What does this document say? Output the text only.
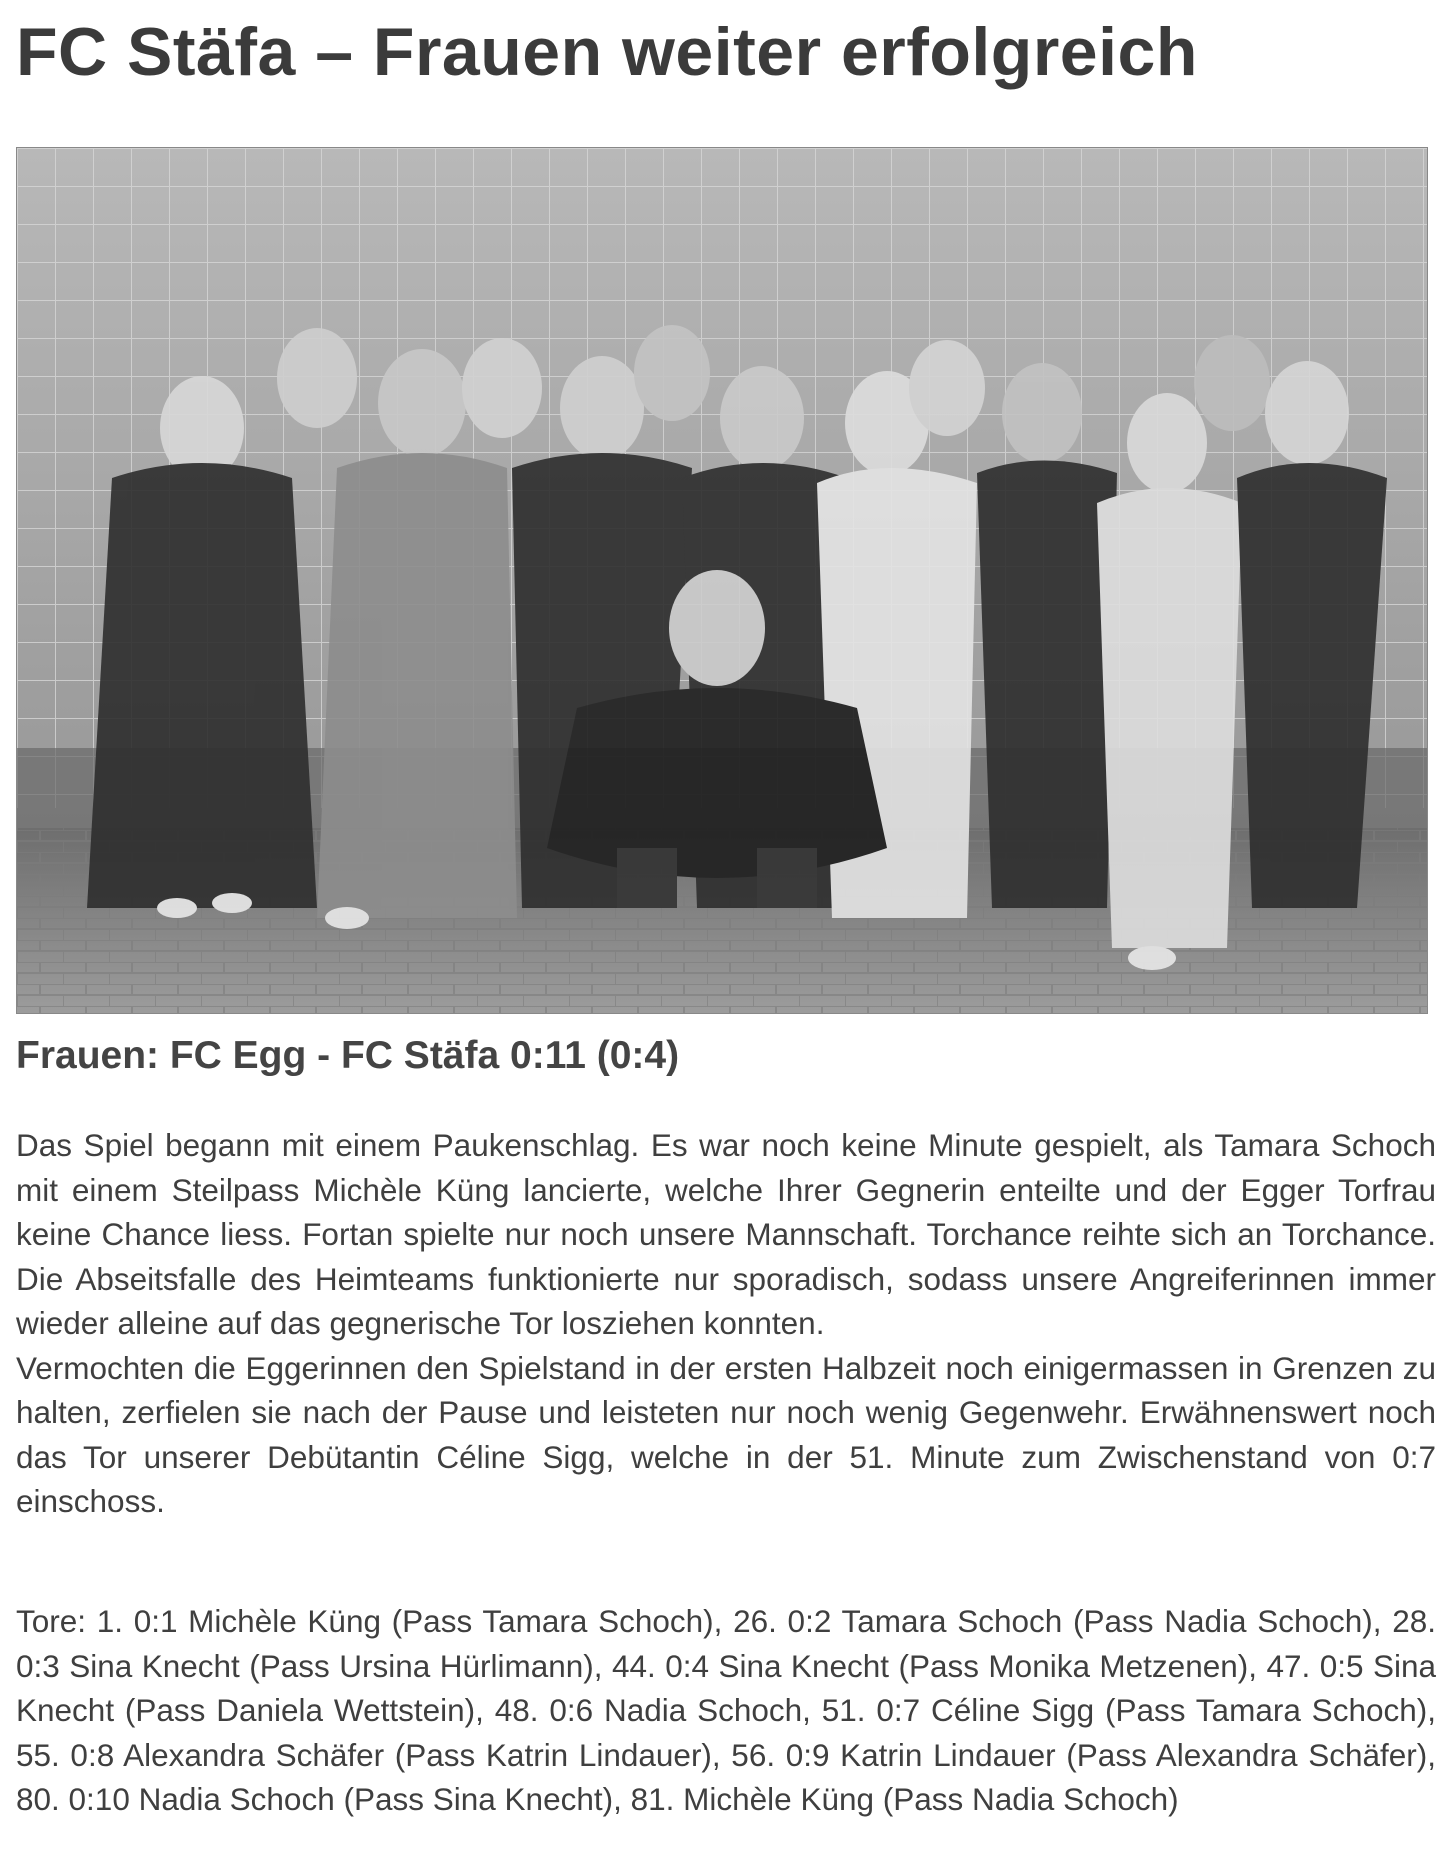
FC Stäfa – Frauen weiter erfolgreich
Frauen: FC Egg - FC Stäfa 0:11 (0:4)

Das Spiel begann mit einem Paukenschlag. Es war noch keine Minute gespielt, als Tamara Schoch mit einem Steilpass Michèle Küng lancierte, welche Ihrer Gegnerin enteilte und der Egger Torfrau keine Chance liess. Fortan spielte nur noch unsere Mannschaft. Torchance reihte sich an Torchance. Die Abseitsfalle des Heimteams funktionierte nur sporadisch, sodass unsere Angreiferinnen immer wieder alleine auf das gegnerische Tor losziehen konnten.

Vermochten die Eggerinnen den Spielstand in der ersten Halbzeit noch einigermassen in Grenzen zu halten, zerfielen sie nach der Pause und leisteten nur noch wenig Gegenwehr. Erwähnenswert noch das Tor unserer Debütantin Céline Sigg, welche in der 51. Minute zum Zwischenstand von 0:7 einschoss.

Tore: 1. 0:1 Michèle Küng (Pass Tamara Schoch), 26. 0:2 Tamara Schoch (Pass Nadia Schoch), 28. 0:3 Sina Knecht (Pass Ursina Hürlimann), 44. 0:4 Sina Knecht (Pass Monika Metzenen), 47. 0:5 Sina Knecht (Pass Daniela Wettstein), 48. 0:6 Nadia Schoch, 51. 0:7 Céline Sigg (Pass Tamara Schoch), 55. 0:8 Alexandra Schäfer (Pass Katrin Lindauer), 56. 0:9 Katrin Lindauer (Pass Alexandra Schäfer), 80. 0:10 Nadia Schoch (Pass Sina Knecht), 81. Michèle Küng (Pass Nadia Schoch)
